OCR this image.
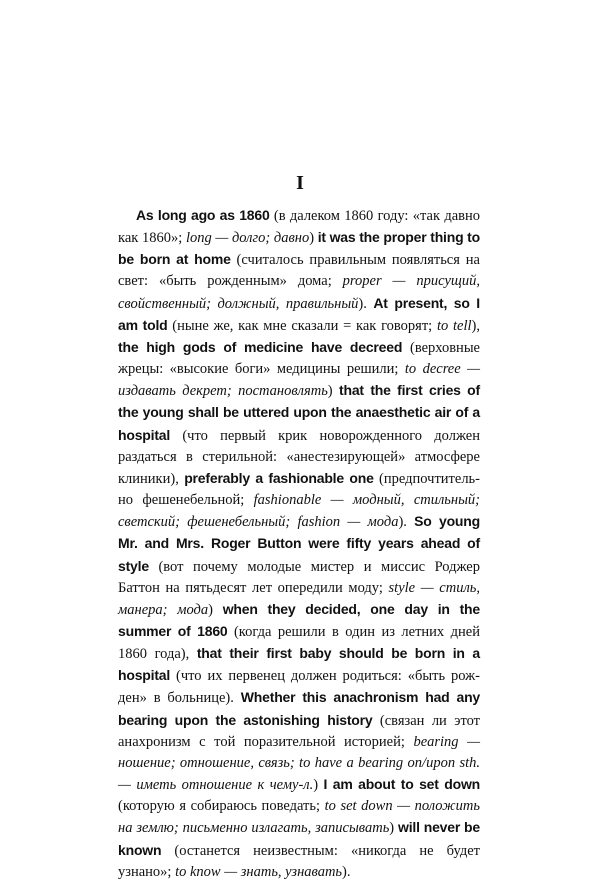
I

As long ago as 1860 (в далеком 1860 году: «так давно как 1860»; long — долго; давно) it was the proper thing to be born at home (считалось правильным появляться на свет: «быть рожденным» дома; proper — присущий, свойственный; должный, правильный). At present, so I am told (ныне же, как мне сказали = как говорят; to tell), the high gods of medicine have decreed (верховные жрецы: «высокие боги» медицины решили; to decree — издавать декрет; постановлять) that the first cries of the young shall be uttered upon the anaesthetic air of a hospital (что первый крик новорожденного должен раздаться в стерильной: «анестезирующей» атмосфере клиники), preferably a fashionable one (предпочтительно фешенебельной; fashionable — модный, стильный; светский; фешенебельный; fashion — мода). So young Mr. and Mrs. Roger Button were fifty years ahead of style (вот почему молодые мистер и миссис Роджер Баттон на пятьдесят лет опередили моду; style — стиль, манера; мода) when they decided, one day in the summer of 1860 (когда решили в один из летних дней 1860 года), that their first baby should be born in a hospital (что их первенец должен родиться: «быть рожден» в больнице). Whether this anachronism had any bearing upon the astonishing history (связан ли этот анахронизм с той поразительной историей; bearing — ношение; отношение, связь; to have a bearing on/upon sth. — иметь отношение к чему-л.) I am about to set down (которую я собираюсь поведать; to set down — положить на землю; письменно излагать, записывать) will never be known (останется неизвестным: «никогда не будет узнано»; to know — знать, узнавать).
